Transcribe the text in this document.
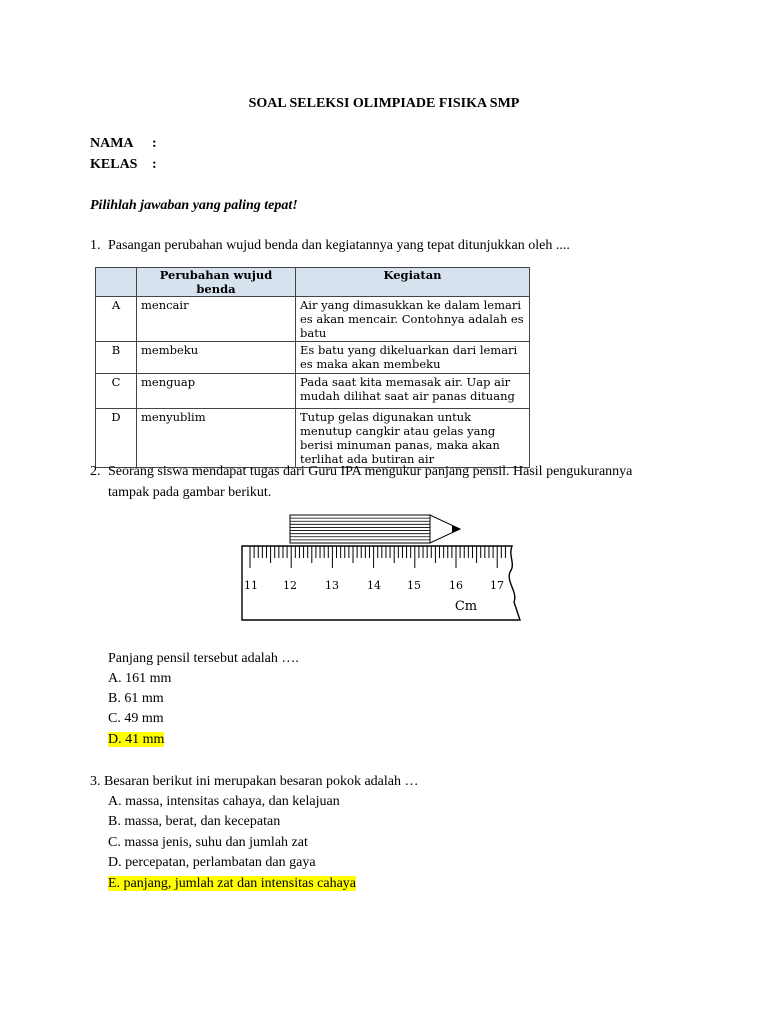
SOAL SELEKSI OLIMPIADE FISIKA SMP
NAMA :
KELAS :
Pilihlah jawaban yang paling tepat!
1. Pasangan perubahan wujud benda dan kegiatannya yang tepat ditunjukkan oleh ....
	Perubahan wujud benda	Kegiatan
A	mencair	Air yang dimasukkan ke dalam lemari es akan mencair. Contohnya adalah es batu
B	membeku	Es batu yang dikeluarkan dari lemari es maka akan membeku
C	menguap	Pada saat kita memasak air. Uap air mudah dilihat saat air panas dituang
D	menyublim	Tutup gelas digunakan untuk menutup cangkir atau gelas yang berisi minuman panas, maka akan terlihat ada butiran air
2. Seorang siswa mendapat tugas dari Guru IPA mengukur panjang pensil. Hasil pengukurannya
tampak pada gambar berikut.
11 12	13	14 15	16 17
Cm
Panjang pensil tersebut adalah ….
A. 161 mm
B. 61 mm
C. 49 mm
D. 41 mm
3. Besaran berikut ini merupakan besaran pokok adalah …
A. massa, intensitas cahaya, dan kelajuan
B. massa, berat, dan kecepatan
C. massa jenis, suhu dan jumlah zat
D. percepatan, perlambatan dan gaya
E. panjang, jumlah zat dan intensitas cahaya
